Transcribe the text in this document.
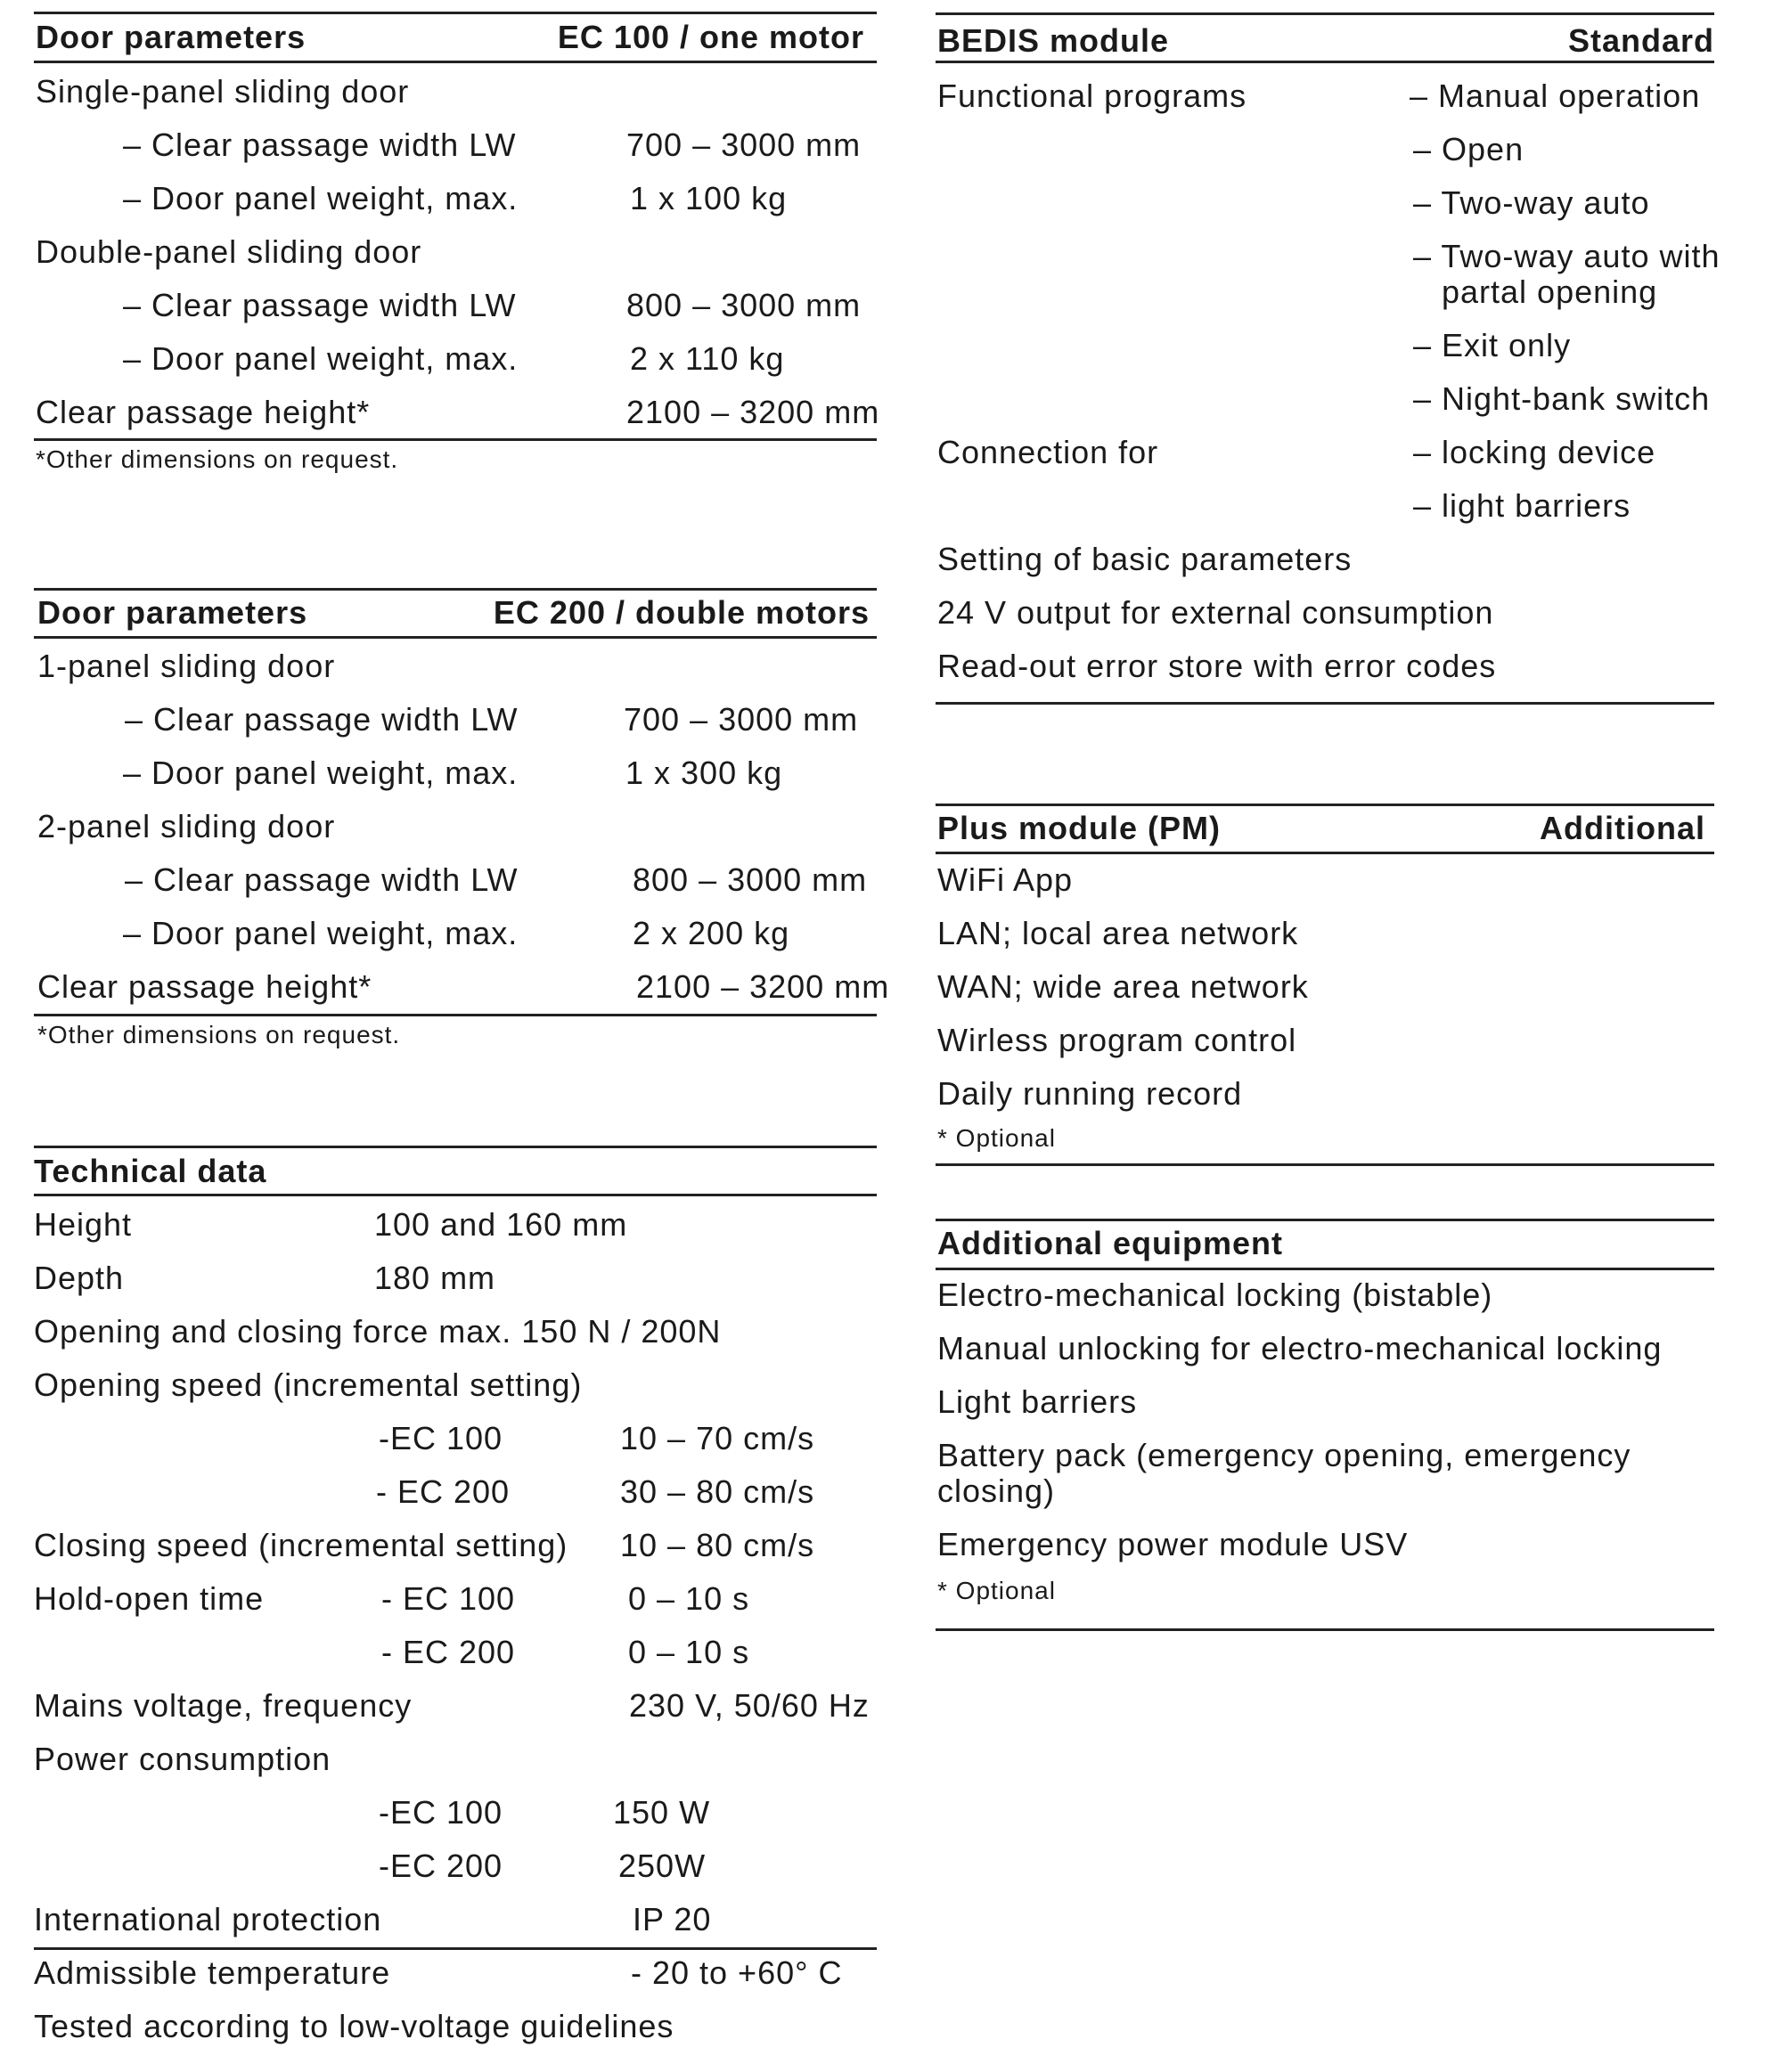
Door parameters	EC 100 / one motor
Single-panel sliding door
– Clear passage width LW	700 – 3000 mm
– Door panel weight, max.	1 x 100 kg
Double-panel sliding door
– Clear passage width LW	800 – 3000 mm
– Door panel weight, max.	2 x 110 kg
Clear passage height*	2100 – 3200 mm
*Other dimensions on request.
Door parameters	EC 200 / double motors
1-panel sliding door
– Clear passage width LW	700 – 3000 mm
– Door panel weight, max.	1 x 300 kg
2-panel sliding door
– Clear passage width LW	800 – 3000 mm
– Door panel weight, max.	2 x 200 kg
Clear passage height*	2100 – 3200 mm
*Other dimensions on request.
Technical data
Height	100 and 160 mm
Depth	180 mm
Opening and closing force max. 150 N / 200N
Opening speed (incremental setting)
-EC 100	10 – 70 cm/s
- EC 200	30 – 80 cm/s
Closing speed (incremental setting) 10 – 80 cm/s
Hold-open time	- EC 100	0 – 10 s
- EC 200	0 – 10 s
Mains voltage, frequency	230 V, 50/60 Hz
Power consumption
-EC 100	150 W
-EC 200	250W
International protection	IP 20
Admissible temperature	- 20 to +60° C
Tested according to low-voltage guidelines
BEDIS module	Standard
Functional programs	– Manual operation
– Open
– Two-way auto
– Two-way auto with
partal opening
– Exit only
– Night-bank switch
Connection for	– locking device
– light barriers
Setting of basic parameters
24 V output for external consumption
Read-out error store with error codes
Plus module (PM)	Additional
WiFi App
LAN; local area network
WAN; wide area network
Wirless program control
Daily running record
* Optional
Additional equipment
Electro-mechanical locking (bistable)
Manual unlocking for electro-mechanical locking
Light barriers
Battery pack (emergency opening, emergency
closing)
Emergency power module USV
* Optional
